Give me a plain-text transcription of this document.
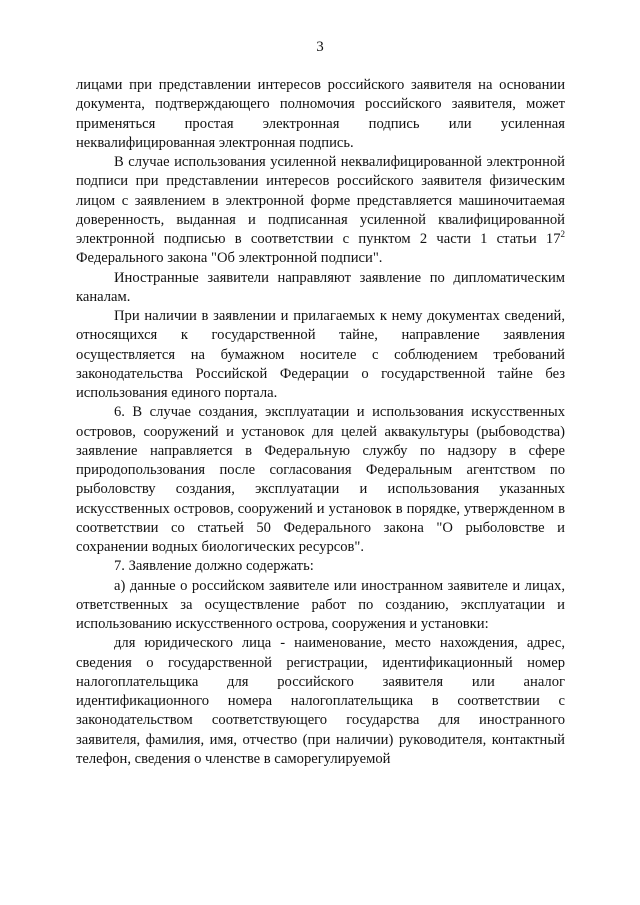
3

лицами при представлении интересов российского заявителя на основании документа, подтверждающего полномочия российского заявителя, может применяться простая электронная подпись или усиленная неквалифицированная электронная подпись.

В случае использования усиленной неквалифицированной электронной подписи при представлении интересов российского заявителя физическим лицом с заявлением в электронной форме представляется машиночитаемая доверенность, выданная и подписанная усиленной квалифицированной электронной подписью в соответствии с пунктом 2 части 1 статьи $17^2$ Федерального закона "Об электронной подписи".

Иностранные заявители направляют заявление по дипломатическим каналам.

При наличии в заявлении и прилагаемых к нему документах сведений, относящихся к государственной тайне, направление заявления осуществляется на бумажном носителе с соблюдением требований законодательства Российской Федерации о государственной тайне без использования единого портала.

6. В случае создания, эксплуатации и использования искусственных островов, сооружений и установок для целей аквакультуры (рыбоводства) заявление направляется в Федеральную службу по надзору в сфере природопользования после согласования Федеральным агентством по рыболовству создания, эксплуатации и использования указанных искусственных островов, сооружений и установок в порядке, утвержденном в соответствии со статьей 50 Федерального закона "О рыболовстве и сохранении водных биологических ресурсов".

7. Заявление должно содержать:

а) данные о российском заявителе или иностранном заявителе и лицах, ответственных за осуществление работ по созданию, эксплуатации и использованию искусственного острова, сооружения и установки:

для юридического лица - наименование, место нахождения, адрес, сведения о государственной регистрации, идентификационный номер налогоплательщика для российского заявителя или аналог идентификационного номера налогоплательщика в соответствии с законодательством соответствующего государства для иностранного заявителя, фамилия, имя, отчество (при наличии) руководителя, контактный телефон, сведения о членстве в саморегулируемой
